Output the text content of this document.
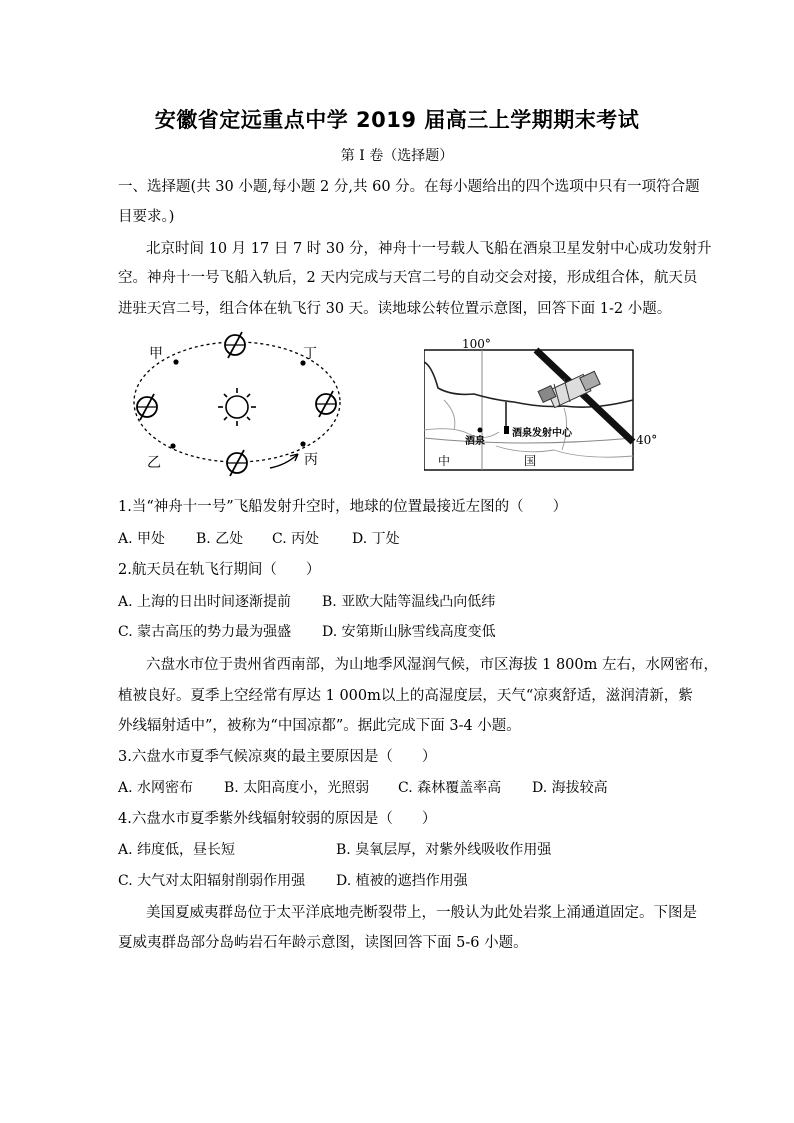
安徽省定远重点中学 2019 届高三上学期期末考试
第 I 卷（选择题）
一、选择题(共 30 小题,每小题 2 分,共 60 分。在每小题给出的四个选项中只有一项符合题
目要求。)
北京时间 10 月 17 日 7 时 30 分，神舟十一号载人飞船在酒泉卫星发射中心成功发射升
空。神舟十一号飞船入轨后，2 天内完成与天宫二号的自动交会对接，形成组合体，航天员
进驻天宫二号，组合体在轨飞行 30 天。读地球公转位置示意图，回答下面 1-2 小题。
甲	丁
乙	丙
100°
40°
酒泉
酒泉发射中心
中	国
1.当“神舟十一号”飞船发射升空时，地球的位置最接近左图的（　　）
A. 甲处 B. 乙处 C. 丙处 D. 丁处
2.航天员在轨飞行期间（　　）
A. 上海的日出时间逐渐提前 B. 亚欧大陆等温线凸向低纬
C. 蒙古高压的势力最为强盛 D. 安第斯山脉雪线高度变低
六盘水市位于贵州省西南部，为山地季风湿润气候，市区海拔 1 800m 左右，水网密布，
植被良好。夏季上空经常有厚达 1 000m以上的高湿度层，天气“凉爽舒适，滋润清新，紫
外线辐射适中”，被称为“中国凉都”。据此完成下面 3-4 小题。
3.六盘水市夏季气候凉爽的最主要原因是（　　）
A. 水网密布 B. 太阳高度小，光照弱 C. 森林覆盖率高 D. 海拔较高
4.六盘水市夏季紫外线辐射较弱的原因是（　　）
A. 纬度低，昼长短	B. 臭氧层厚，对紫外线吸收作用强
C. 大气对太阳辐射削弱作用强 D. 植被的遮挡作用强
美国夏威夷群岛位于太平洋底地壳断裂带上，一般认为此处岩浆上涌通道固定。下图是
夏威夷群岛部分岛屿岩石年龄示意图，读图回答下面 5-6 小题。
